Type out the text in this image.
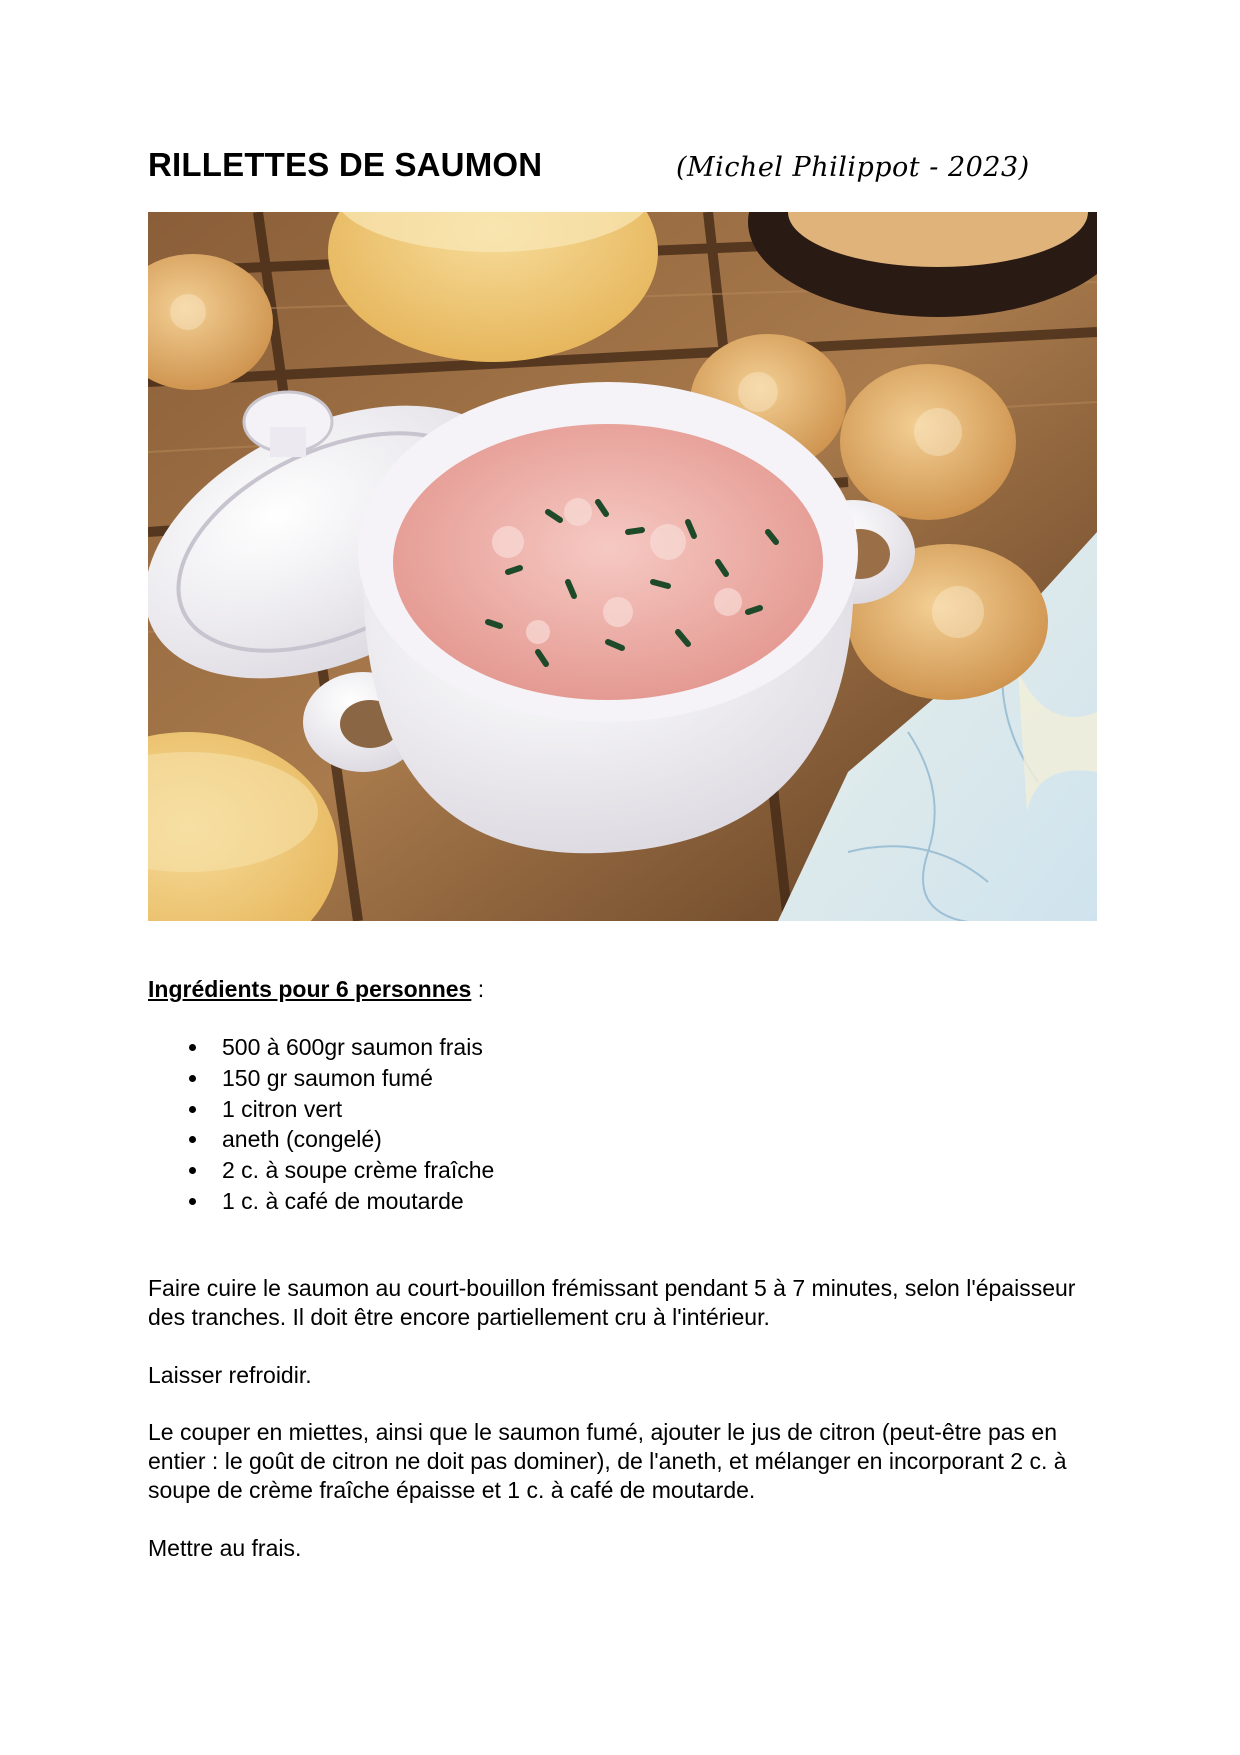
RILLETTES DE SAUMON	(Michel Philippot - 2023)
Ingrédients pour 6 personnes :
500 à 600gr saumon frais
150 gr saumon fumé
1 citron vert
aneth (congelé)
2 c. à soupe crème fraîche
1 c. à café de moutarde

Faire cuire le saumon au court-bouillon frémissant pendant 5 à 7 minutes, selon l'épaisseur des tranches. Il doit être encore partiellement cru à l'intérieur.

Laisser refroidir.

Le couper en miettes, ainsi que le saumon fumé, ajouter le jus de citron (peut-être pas en entier : le goût de citron ne doit pas dominer), de l'aneth, et mélanger en incorporant 2 c. à soupe de crème fraîche épaisse et 1 c. à café de moutarde.

Mettre au frais.
